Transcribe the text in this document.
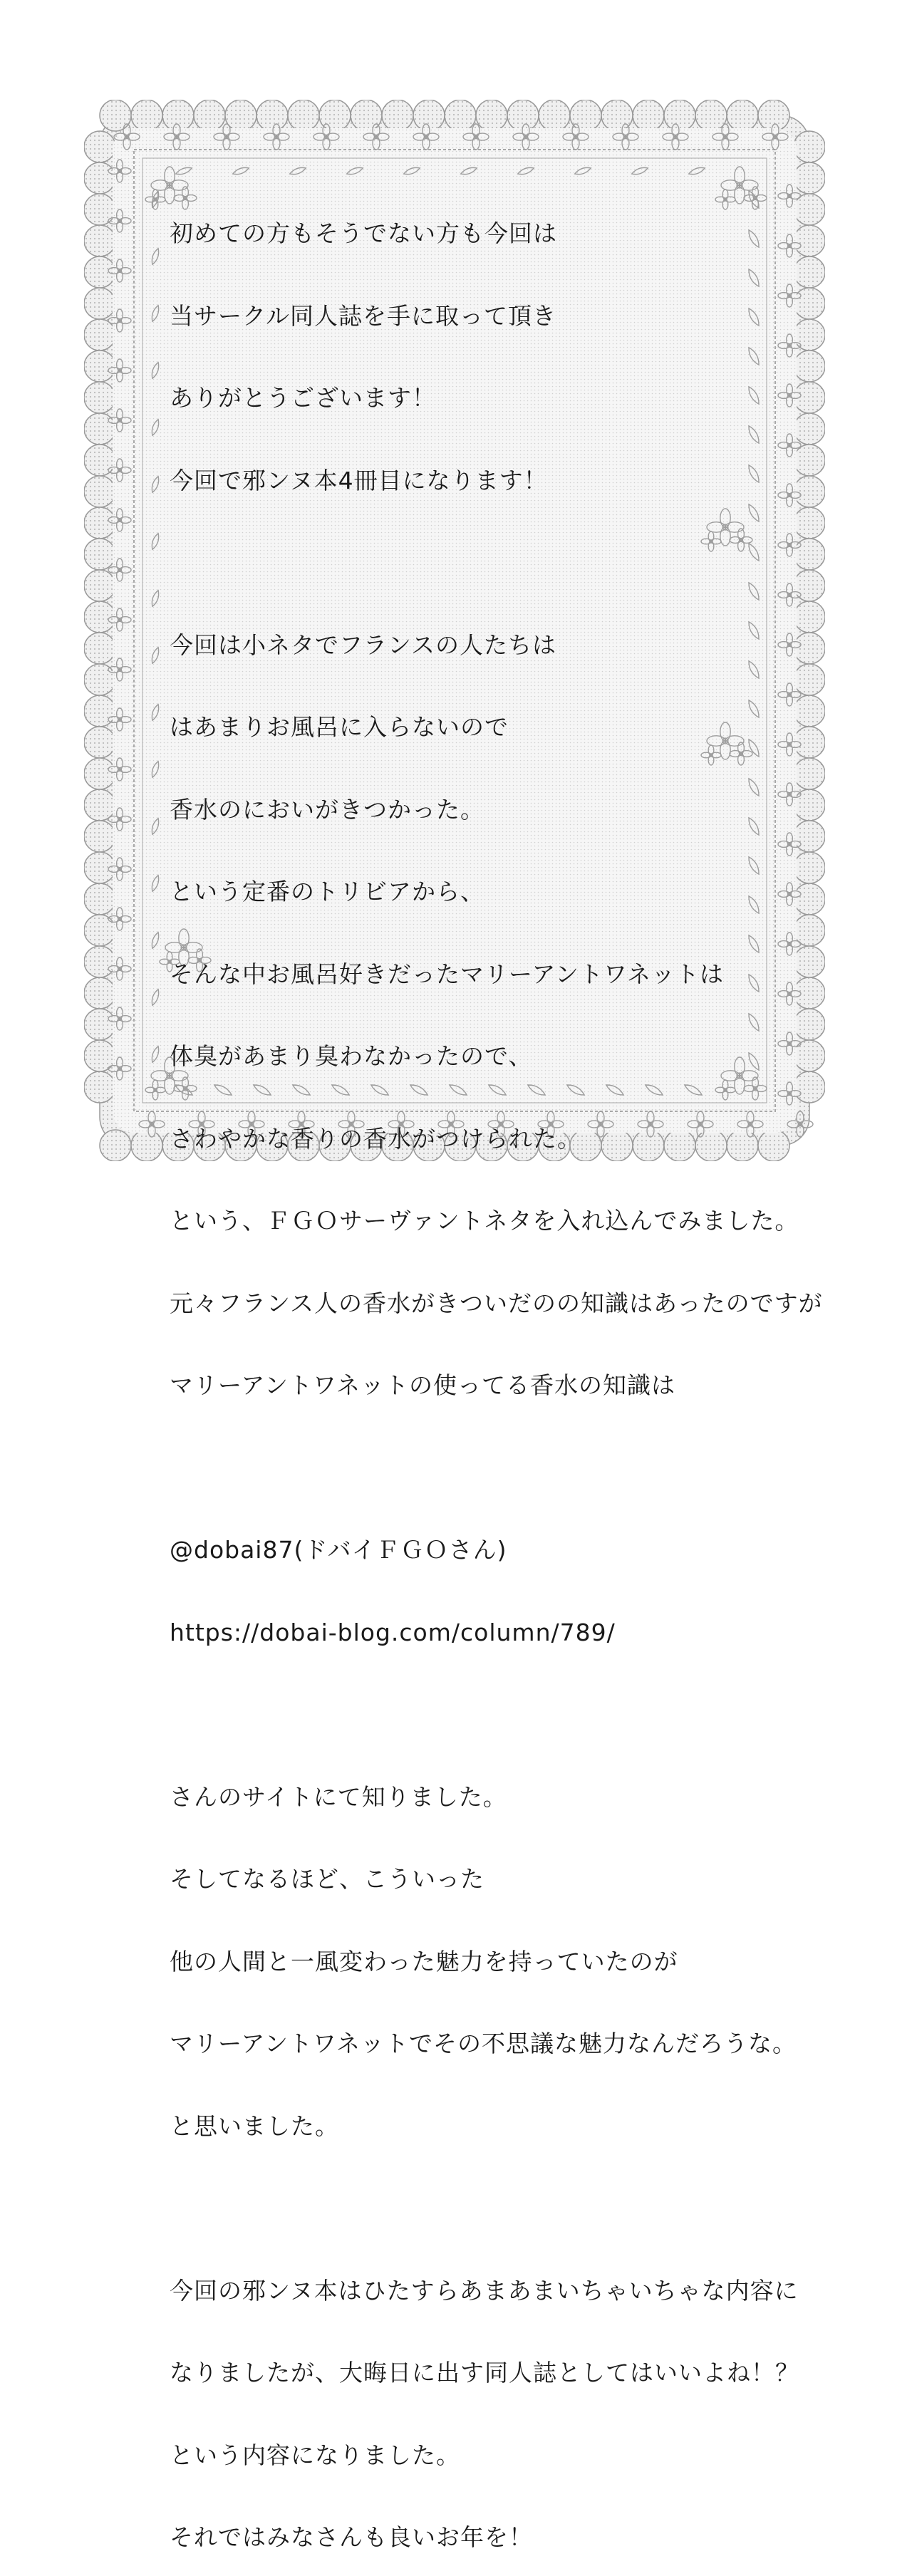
初めての方もそうでない方も今回は

当サークル同人誌を手に取って頂き

ありがとうございます！

今回で邪ンヌ本4冊目になります！

今回は小ネタでフランスの人たちは

はあまりお風呂に入らないので

香水のにおいがきつかった。

という定番のトリビアから、

そんな中お風呂好きだったマリーアントワネットは

体臭があまり臭わなかったので、

さわやかな香りの香水がつけられた。

という、ＦＧＯサーヴァントネタを入れ込んでみました。

元々フランス人の香水がきついだのの知識はあったのですが

マリーアントワネットの使ってる香水の知識は

@dobai87(ドバイＦＧＯさん)

https://dobai-blog.com/column/789/

さんのサイトにて知りました。

そしてなるほど、こういった

他の人間と一風変わった魅力を持っていたのが

マリーアントワネットでその不思議な魅力なんだろうな。

と思いました。

今回の邪ンヌ本はひたすらあまあまいちゃいちゃな内容に

なりましたが、大晦日に出す同人誌としてはいいよね！？

という内容になりました。

それではみなさんも良いお年を！
